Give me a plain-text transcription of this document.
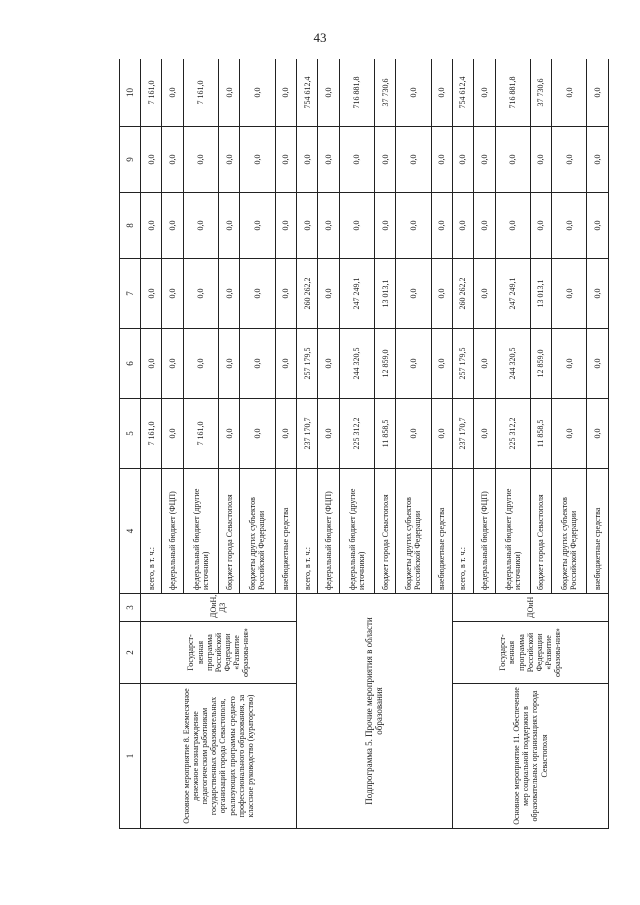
43
1	2	3	4	5	6	7	8	9	10
Основное мероприятие 8. Ежемесячное денежное вознаграждение педагогическим работникам государственных образовательных организаций города Севастополя, реализующих программы среднего профессионального образования, за классное руководство (кураторство)	Государст-венная программа Российской Федерации «Развитие образова-ния»	ДОиН, ДЗ	всего, в т. ч.:	7 161,0	0,0	0,0	0,0	0,0	7 161,0
			федеральный бюджет (ФЦП)	0,0	0,0	0,0	0,0	0,0	0,0
			федеральный бюджет (другие источники)	7 161,0	0,0	0,0	0,0	0,0	7 161,0
			бюджет города Севастополя	0,0	0,0	0,0	0,0	0,0	0,0
			бюджеты других субъектов Российской Федерации	0,0	0,0	0,0	0,0	0,0	0,0
			внебюджетные средства	0,0	0,0	0,0	0,0	0,0	0,0
Подпрограмма 5. Прочие мероприятия в области образования			всего, в т. ч.:	237 170,7	257 179,5	260 262,2	0,0	0,0	754 612,4
			федеральный бюджет (ФЦП)	0,0	0,0	0,0	0,0	0,0	0,0
			федеральный бюджет (другие источники)	225 312,2	244 320,5	247 249,1	0,0	0,0	716 881,8
			бюджет города Севастополя	11 858,5	12 859,0	13 013,1	0,0	0,0	37 730,6
			бюджеты других субъектов Российской Федерации	0,0	0,0	0,0	0,0	0,0	0,0
			внебюджетные средства	0,0	0,0	0,0	0,0	0,0	0,0
Основное мероприятие 11. Обеспечение мер социальной поддержки в образовательных организациях города Севастополя	Государст-венная программа Российской Федерации «Развитие образова-ния»	ДОиН	всего, в т. ч.:	237 170,7	257 179,5	260 262,2	0,0	0,0	754 612,4
			федеральный бюджет (ФЦП)	0,0	0,0	0,0	0,0	0,0	0,0
			федеральный бюджет (другие источники)	225 312,2	244 320,5	247 249,1	0,0	0,0	716 881,8
			бюджет города Севастополя	11 858,5	12 859,0	13 013,1	0,0	0,0	37 730,6
			бюджеты других субъектов Российской Федерации	0,0	0,0	0,0	0,0	0,0	0,0
			внебюджетные средства	0,0	0,0	0,0	0,0	0,0	0,0
